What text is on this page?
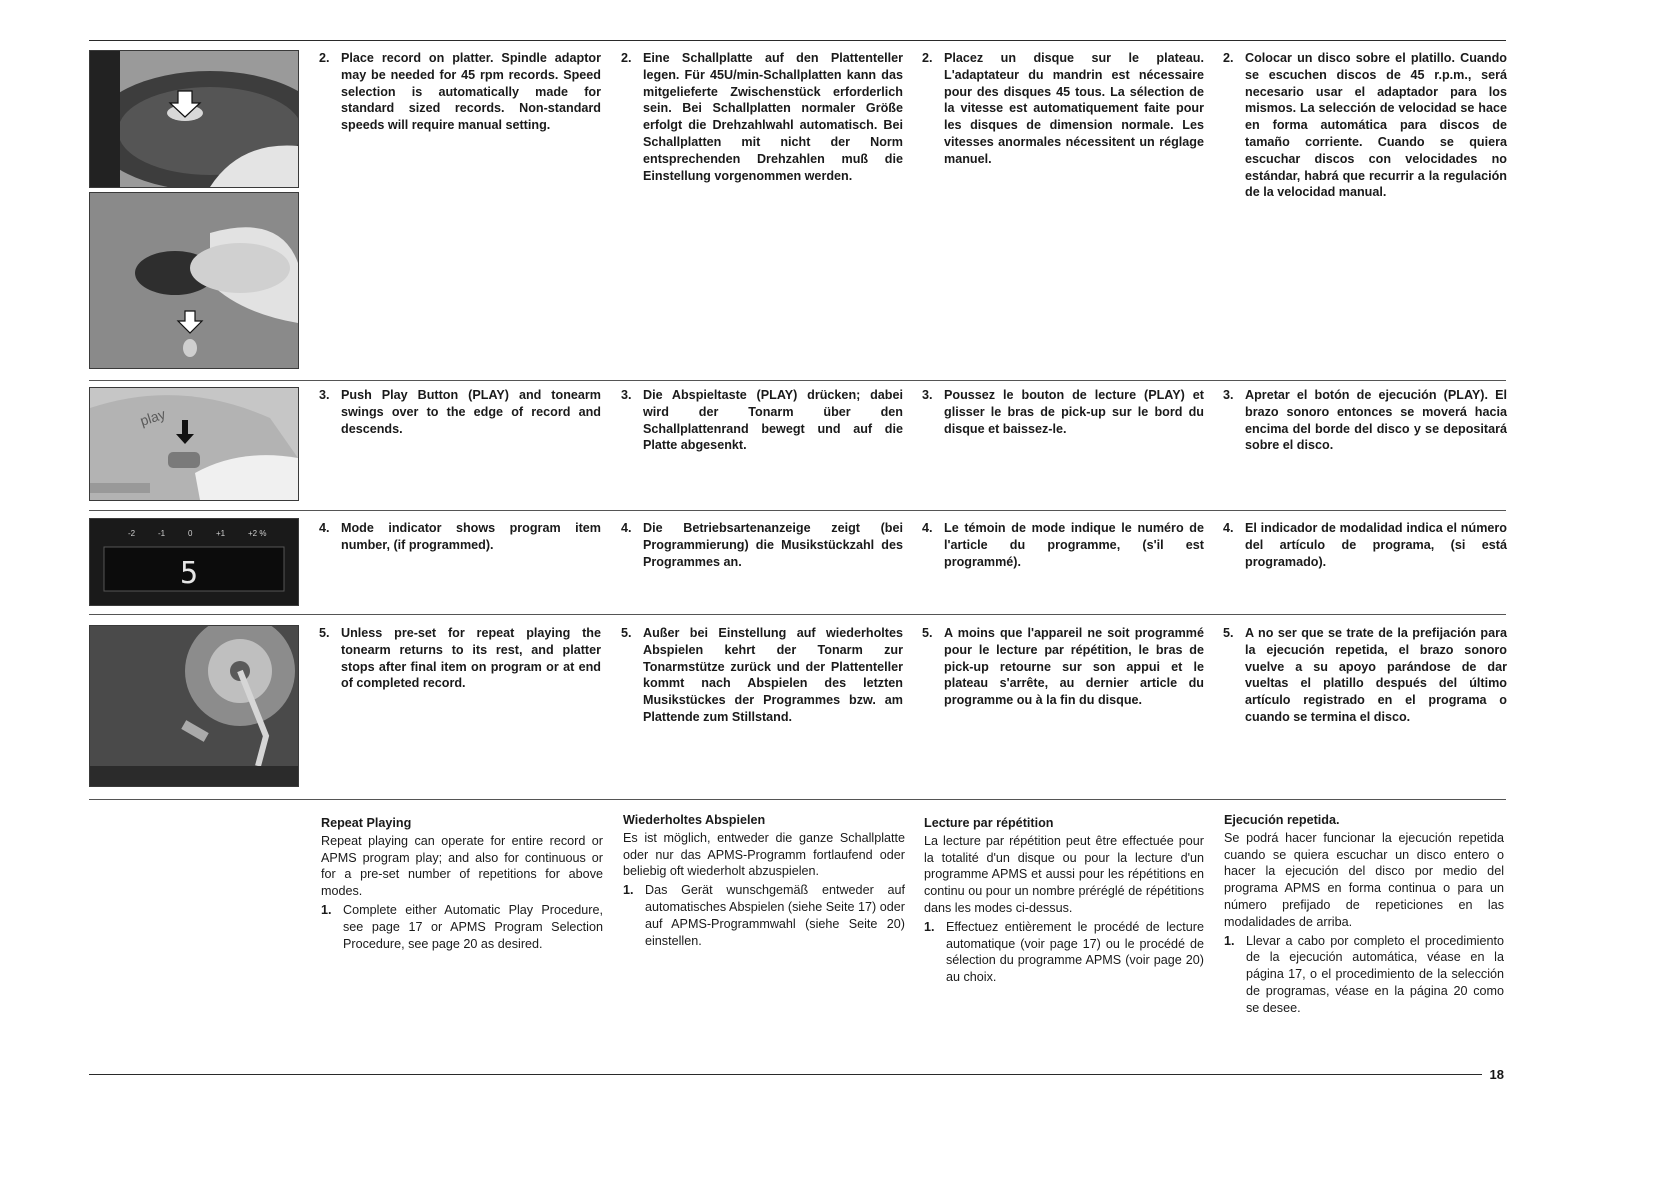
play
-2	-1	0	+1	+2 %
5
2. Place record on platter. Spindle adaptor may be needed for 45 rpm records. Speed selection is automatically made for standard sized records. Non-standard speeds will require manual setting.
2. Eine Schallplatte auf den Plattenteller legen. Für 45U/min-Schallplatten kann das mitgelieferte Zwischenstück erforderlich sein. Bei Schallplatten normaler Größe erfolgt die Drehzahlwahl automatisch. Bei Schallplatten mit nicht der Norm entsprechenden Drehzahlen muß die Einstellung vorgenommen werden.
2. Placez un disque sur le plateau. L'adaptateur du mandrin est nécessaire pour des disques 45 tous. La sélection de la vitesse est automatiquement faite pour les disques de dimension normale. Les vitesses anormales nécessitent un réglage manuel.
2. Colocar un disco sobre el platillo. Cuando se escuchen discos de 45 r.p.m., será necesario usar el adaptador para los mismos. La selección de velocidad se hace en forma automática para discos de tamaño corriente. Cuando se quiera escuchar discos con velocidades no estándar, habrá que recurrir a la regulación de la velocidad manual.
3. Push Play Button (PLAY) and tonearm swings over to the edge of record and descends.
3. Die Abspieltaste (PLAY) drücken; dabei wird der Tonarm über den Schallplattenrand bewegt und auf die Platte abgesenkt.
3. Poussez le bouton de lecture (PLAY) et glisser le bras de pick-up sur le bord du disque et baissez-le.
3. Apretar el botón de ejecución (PLAY). El brazo sonoro entonces se moverá hacia encima del borde del disco y se depositará sobre el disco.
4. Mode indicator shows program item number, (if programmed).
4. Die Betriebsartenanzeige zeigt (bei Programmierung) die Musikstückzahl des Programmes an.
4. Le témoin de mode indique le numéro de l'article du programme, (s'il est programmé).
4. El indicador de modalidad indica el número del artículo de programa, (si está programado).
5. Unless pre-set for repeat playing the tonearm returns to its rest, and platter stops after final item on program or at end of completed record.
5. Außer bei Einstellung auf wiederholtes Abspielen kehrt der Tonarm zur Tonarmstütze zurück und der Plattenteller kommt nach Abspielen des letzten Musikstückes der Programmes bzw. am Plattende zum Stillstand.
5. A moins que l'appareil ne soit programmé pour le lecture par répétition, le bras de pick-up retourne sur son appui et le plateau s'arrête, au dernier article du programme ou à la fin du disque.
5. A no ser que se trate de la prefijación para la ejecución repetida, el brazo sonoro vuelve a su apoyo parándose de dar vueltas el platillo después del último artículo registrado en el programa o cuando se termina el disco.
Repeat Playing
Repeat playing can operate for entire record or APMS program play; and also for continuous or for a pre-set number of repetitions for above modes.
1. Complete either Automatic Play Procedure, see page 17 or APMS Program Selection Procedure, see page 20 as desired.
Wiederholtes Abspielen
Es ist möglich, entweder die ganze Schallplatte oder nur das APMS-Programm fortlaufend oder beliebig oft wiederholt abzuspielen.
1. Das Gerät wunschgemäß entweder auf automatisches Abspielen (siehe Seite 17) oder auf APMS-Programmwahl (siehe Seite 20) einstellen.
Lecture par répétition
La lecture par répétition peut être effectuée pour la totalité d'un disque ou pour la lecture d'un programme APMS et aussi pour les répétitions en continu ou pour un nombre préréglé de répétitions dans les modes ci-dessus.
1. Effectuez entièrement le procédé de lecture automatique (voir page 17) ou le procédé de sélection du programme APMS (voir page 20) au choix.
Ejecución repetida.
Se podrá hacer funcionar la ejecución repetida cuando se quiera escuchar un disco entero o hacer la ejecución del disco por medio del programa APMS en forma continua o para un número prefijado de repeticiones en las modalidades de arriba.
1. Llevar a cabo por completo el procedimiento de la ejecución automática, véase en la página 17, o el procedimiento de la selección de programas, véase en la página 20 como se desee.
18
